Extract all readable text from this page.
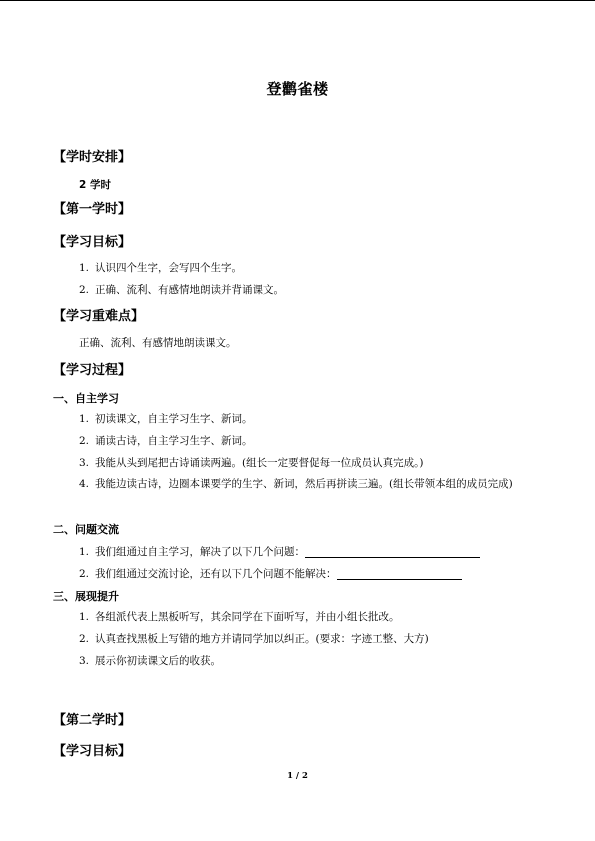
登鹳雀楼
【学时安排】
2 学时
【第一学时】
【学习目标】
1. 认识四个生字，会写四个生字。
2. 正确、流利、有感情地朗读并背诵课文。
【学习重难点】
正确、流利、有感情地朗读课文。
【学习过程】
一、自主学习
1. 初读课文，自主学习生字、新词。
2. 诵读古诗，自主学习生字、新词。
3. 我能从头到尾把古诗诵读两遍。(组长一定要督促每一位成员认真完成。)
4. 我能边读古诗，边圈本课要学的生字、新词，然后再拼读三遍。(组长带领本组的成员完成)
二、问题交流
1. 我们组通过自主学习，解决了以下几个问题：
2. 我们组通过交流讨论，还有以下几个问题不能解决：
三、展现提升
1. 各组派代表上黑板听写，其余同学在下面听写，并由小组长批改。
2. 认真查找黑板上写错的地方并请同学加以纠正。(要求：字迹工整、大方)
3. 展示你初读课文后的收获。
【第二学时】
【学习目标】
1 / 2
